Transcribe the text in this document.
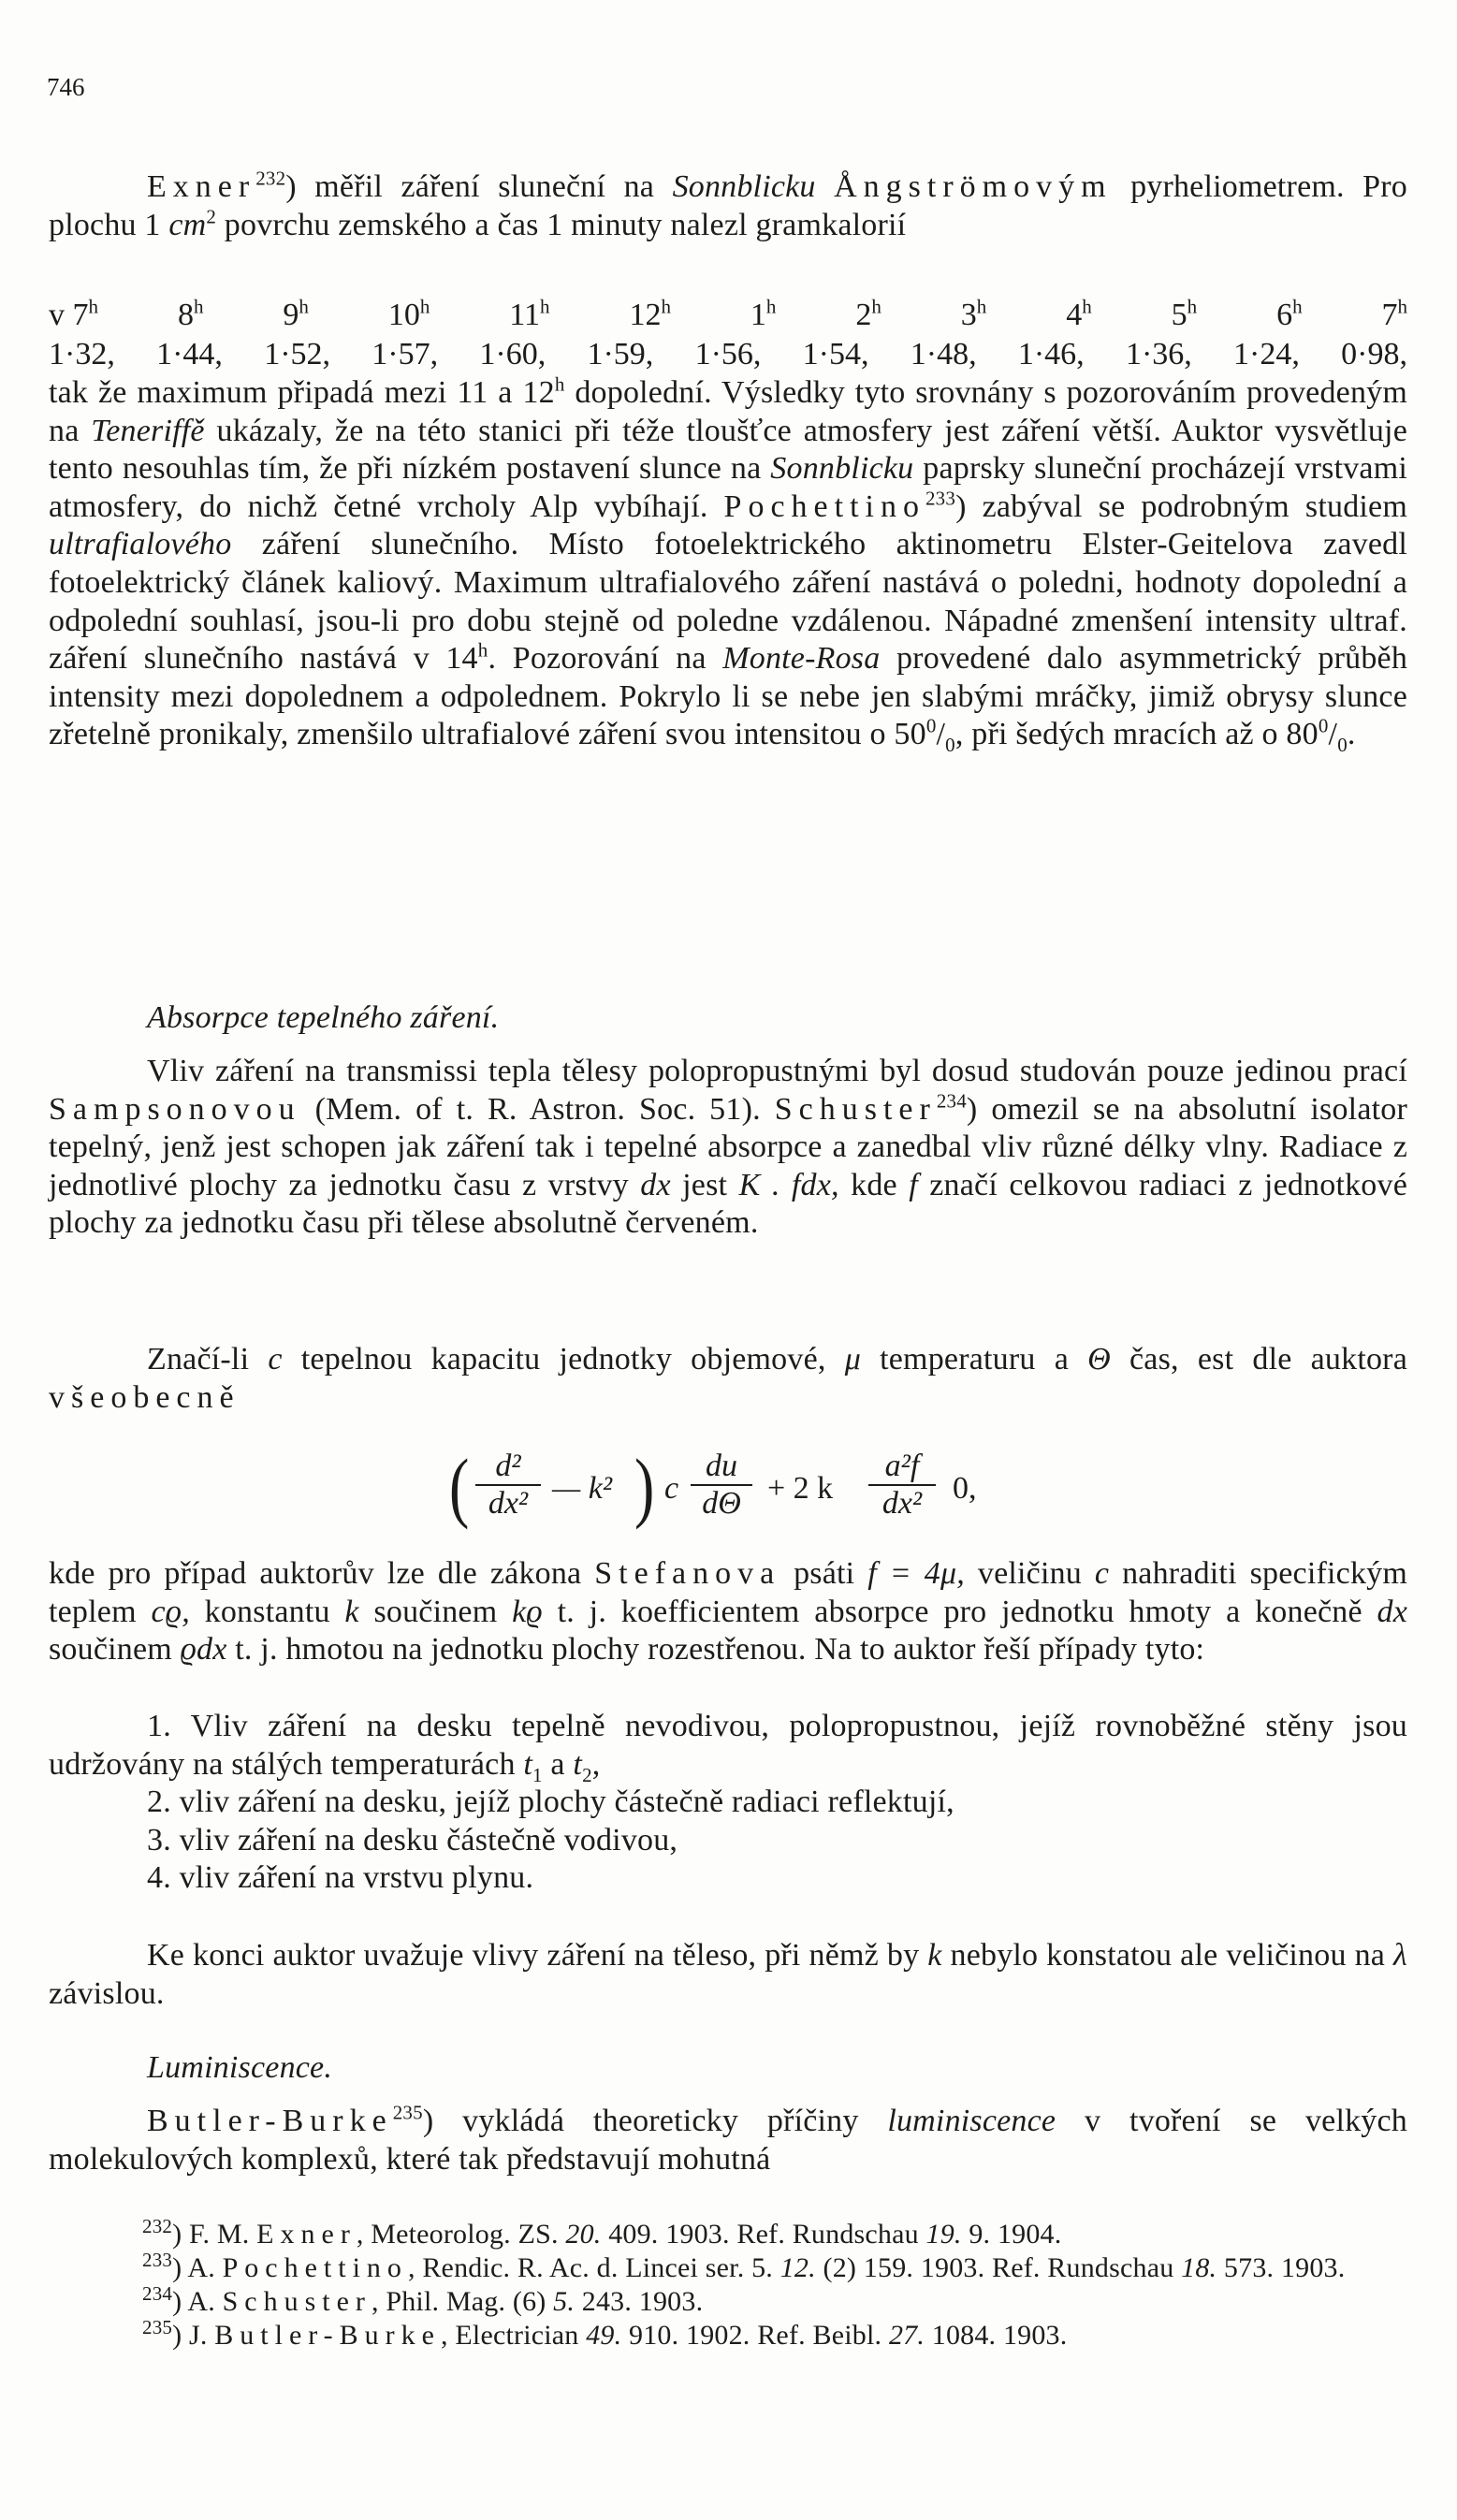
746

Exner$^{232}$) měřil záření sluneční na Sonnblicku Ångströmovým pyrheliometrem. Pro plochu 1 $cm^2$ povrchu zemského a čas 1 minuty nalezl gramkalorií

v 7$^h$ 8$^h$ 9$^h$ 10$^h$ 11$^h$ 12$^h$ 1$^h$ 2$^h$ 3$^h$ 4$^h$ 5$^h$ 6$^h$ 7$^h$
1·32, 1·44, 1·52, 1·57, 1·60, 1·59, 1·56, 1·54, 1·48, 1·46, 1·36, 1·24, 0·98,

tak že maximum připadá mezi 11 a 12$^h$ dopolední. Výsledky tyto srovnány s pozorováním provedeným na Teneriffě ukázaly, že na této stanici při téže tloušťce atmosfery jest záření větší. Auktor vysvětluje tento nesouhlas tím, že při nízkém postavení slunce na Sonnblicku paprsky sluneční procházejí vrstvami atmosfery, do nichž četné vrcholy Alp vybíhají. Pochettino$^{233}$) zabýval se podrobným studiem ultrafialového záření slunečního. Místo fotoelektrického aktinometru Elster-Geitelova zavedl fotoelektrický článek kaliový. Maximum ultrafialového záření nastává o poledni, hodnoty dopolední a odpolední souhlasí, jsou-li pro dobu stejně od poledne vzdálenou. Nápadné zmenšení intensity ultraf. záření slunečního nastává v 14$^h$. Pozorování na Monte-Rosa provedené dalo asymmetrický průběh intensity mezi dopolednem a odpolednem. Pokrylo li se nebe jen slabými mráčky, jimiž obrysy slunce zřetelně pronikaly, zmenšilo ultrafialové záření svou intensitou o $50^0/_0$, při šedých mracích až o $80^0/_0$.

Absorpce tepelného záření.

Vliv záření na transmissi tepla tělesy polopropustnými byl dosud studován pouze jedinou prací Sampsonovou (Mem. of t. R. Astron. Soc. 51). Schuster$^{234}$) omezil se na absolutní isolator tepelný, jenž jest schopen jak záření tak i tepelné absorpce a zanedbal vliv různé délky vlny. Radiace z jednotlivé plochy za jednotku času z vrstvy dx jest K . fdx, kde f značí celkovou radiaci z jednotkové plochy za jednotku času při tělese absolutně červeném.

Značí-li c tepelnou kapacitu jednotky objemové, μ temperaturu a Θ čas, est dle auktora všeobecně

( $\frac{\text{d²}}{\text{dx²}}$ — k² ) c $\frac{du}{d\Theta} + 2$ k $\frac{\text{a²f}}{\text{dx²}} 0$,

kde pro případ auktorův lze dle zákona Stefanova psáti f = 4μ, veličinu c nahraditi specifickým teplem cϱ, konstantu k součinem kϱ t. j. koefficientem absorpce pro jednotku hmoty a konečně dx součinem ϱdx t. j. hmotou na jednotku plochy rozestřenou. Na to auktor řeší případy tyto:

1. Vliv záření na desku tepelně nevodivou, polopropustnou, jejíž rovnoběžné stěny jsou udržovány na stálých temperaturách $t_1$ a $t_2$,

2. vliv záření na desku, jejíž plochy částečně radiaci reflektují,

3. vliv záření na desku částečně vodivou,

4. vliv záření na vrstvu plynu.

Ke konci auktor uvažuje vlivy záření na těleso, při němž by k nebylo konstatou ale veličinou na λ závislou.

Luminiscence.

Butler-Burke$^{235}$) vykládá theoreticky příčiny luminiscence v tvoření se velkých molekulových komplexů, které tak představují mohutná

$^{232}$) F. M. Exner, Meteorolog. ZS. 20. 409. 1903. Ref. Rundschau 19. 9. 1904.

$^{233}$) A. Pochettino, Rendic. R. Ac. d. Lincei ser. 5. 12. (2) 159. 1903. Ref. Rundschau 18. 573. 1903.

$^{234}$) A. Schuster, Phil. Mag. (6) 5. 243. 1903.

$^{235}$) J. Butler-Burke, Electrician 49. 910. 1902. Ref. Beibl. 27. 1084. 1903.
